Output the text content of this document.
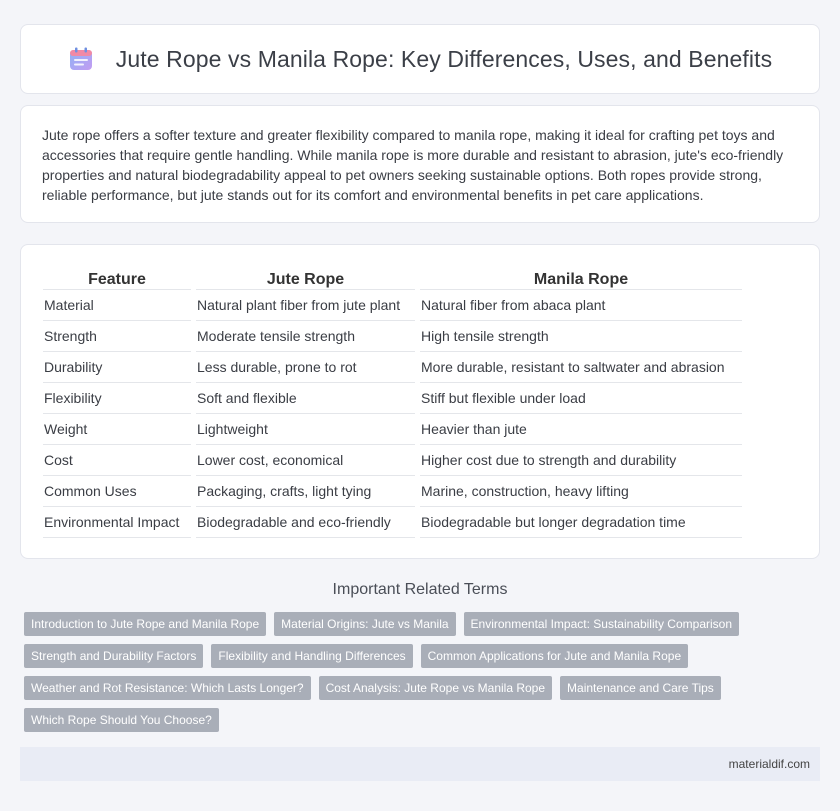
Jute Rope vs Manila Rope: Key Differences, Uses, and Benefits

Jute rope offers a softer texture and greater flexibility compared to manila rope, making it ideal for crafting pet toys and accessories that require gentle handling. While manila rope is more durable and resistant to abrasion, jute's eco-friendly properties and natural biodegradability appeal to pet owners seeking sustainable options. Both ropes provide strong, reliable performance, but jute stands out for its comfort and environmental benefits in pet care applications.

Feature	Jute Rope	Manila Rope
Material	Natural plant fiber from jute plant	Natural fiber from abaca plant
Strength	Moderate tensile strength	High tensile strength
Durability	Less durable, prone to rot	More durable, resistant to saltwater and abrasion
Flexibility	Soft and flexible	Stiff but flexible under load
Weight	Lightweight	Heavier than jute
Cost	Lower cost, economical	Higher cost due to strength and durability
Common Uses	Packaging, crafts, light tying	Marine, construction, heavy lifting
Environmental Impact	Biodegradable and eco-friendly	Biodegradable but longer degradation time
Important Related Terms
Introduction to Jute Rope and Manila Rope	Material Origins: Jute vs Manila	Environmental Impact: Sustainability Comparison
Strength and Durability Factors	Flexibility and Handling Differences	Common Applications for Jute and Manila Rope
Weather and Rot Resistance: Which Lasts Longer?	Cost Analysis: Jute Rope vs Manila Rope	Maintenance and Care Tips
Which Rope Should You Choose?
materialdif.com
